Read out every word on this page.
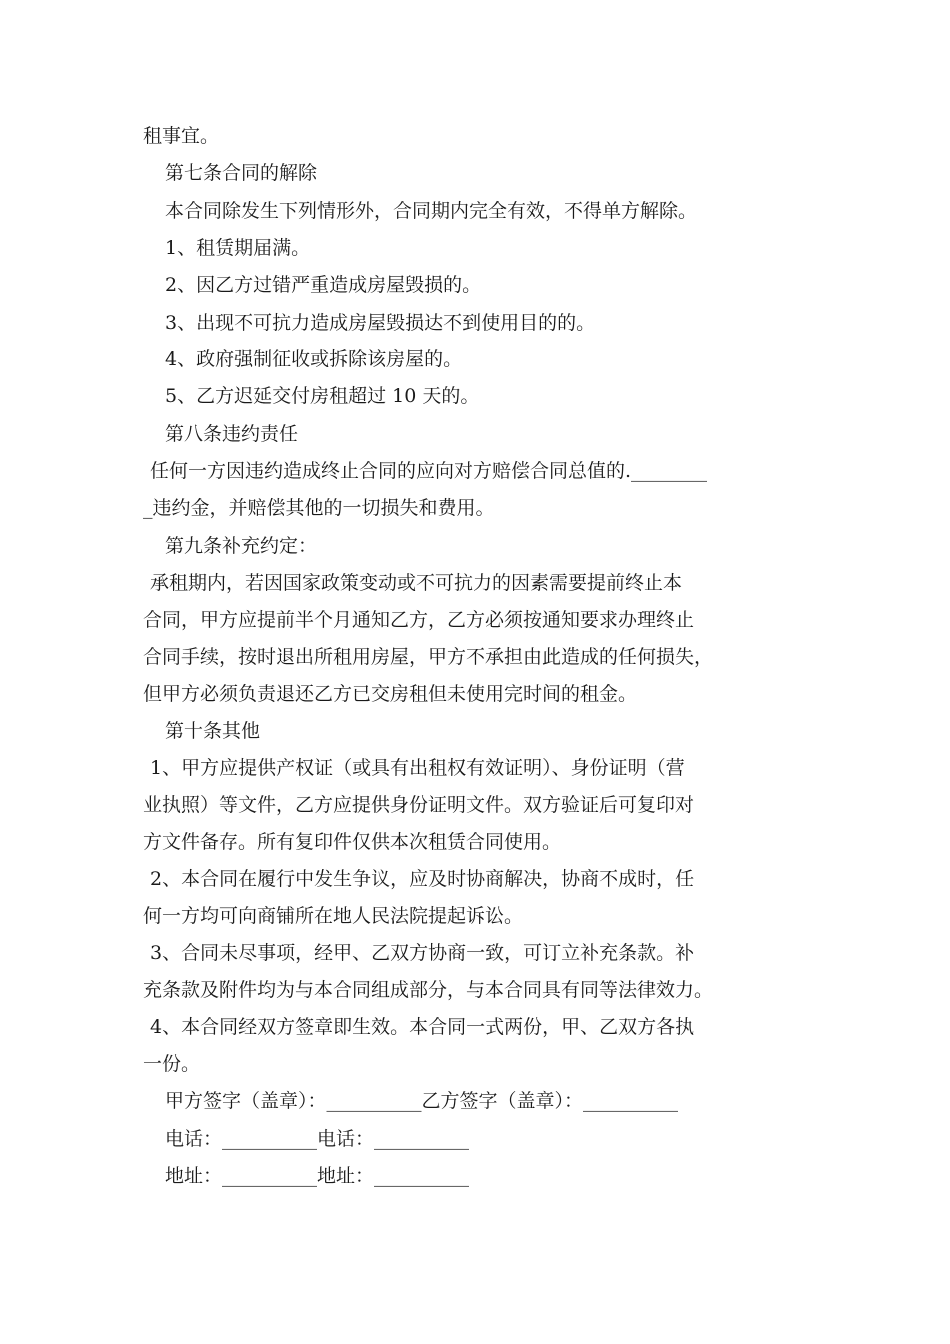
租事宜。
第七条合同的解除
本合同除发生下列情形外，合同期内完全有效，不得单方解除。
1、租赁期届满。
2、因乙方过错严重造成房屋毁损的。
3、出现不可抗力造成房屋毁损达不到使用目的的。
4、政府强制征收或拆除该房屋的。
5、乙方迟延交付房租超过 10 天的。
第八条违约责任
任何一方因违约造成终止合同的应向对方赔偿合同总值的.________
_违约金，并赔偿其他的一切损失和费用。
第九条补充约定：
承租期内，若因国家政策变动或不可抗力的因素需要提前终止本
合同，甲方应提前半个月通知乙方，乙方必须按通知要求办理终止
合同手续，按时退出所租用房屋，甲方不承担由此造成的任何损失，
但甲方必须负责退还乙方已交房租但未使用完时间的租金。
第十条其他
1、甲方应提供产权证（或具有出租权有效证明）、身份证明（营
业执照）等文件，乙方应提供身份证明文件。双方验证后可复印对
方文件备存。所有复印件仅供本次租赁合同使用。
2、本合同在履行中发生争议，应及时协商解决，协商不成时，任
何一方均可向商铺所在地人民法院提起诉讼。
3、合同未尽事项，经甲、乙双方协商一致，可订立补充条款。补
充条款及附件均为与本合同组成部分，与本合同具有同等法律效力。
4、本合同经双方签章即生效。本合同一式两份，甲、乙双方各执
一份。
甲方签字（盖章）：__________乙方签字（盖章）：__________
电话：__________电话：__________
地址：__________地址：__________
